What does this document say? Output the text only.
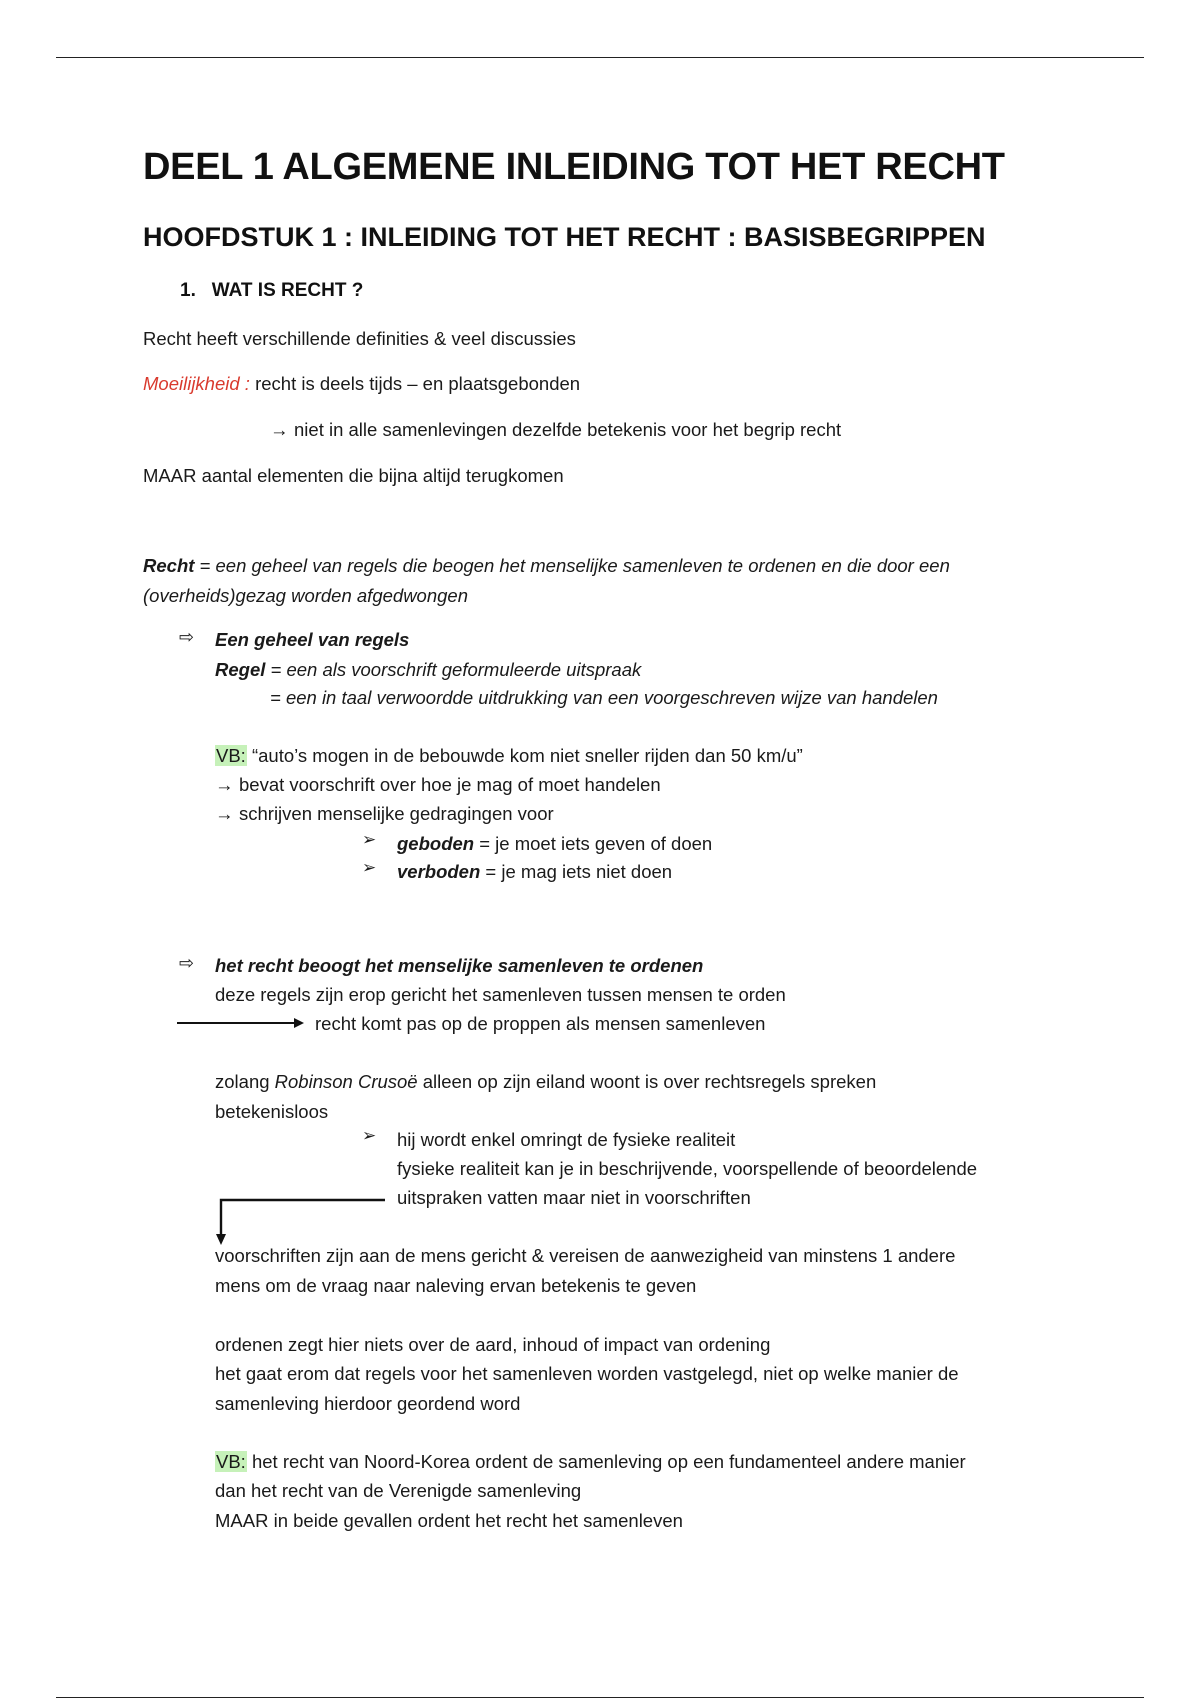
DEEL 1 ALGEMENE INLEIDING TOT HET RECHT
HOOFDSTUK 1 : INLEIDING TOT HET RECHT : BASISBEGRIPPEN
1. WAT IS RECHT ?
Recht heeft verschillende definities & veel discussies
Moeilijkheid : recht is deels tijds – en plaatsgebonden
→ niet in alle samenlevingen dezelfde betekenis voor het begrip recht
MAAR aantal elementen die bijna altijd terugkomen
Recht = een geheel van regels die beogen het menselijke samenleven te ordenen en die door een
(overheids)gezag worden afgedwongen
⇨ Een geheel van regels
Regel = een als voorschrift geformuleerde uitspraak
= een in taal verwoordde uitdrukking van een voorgeschreven wijze van handelen
VB: “auto’s mogen in de bebouwde kom niet sneller rijden dan 50 km/u”
→ bevat voorschrift over hoe je mag of moet handelen
→ schrijven menselijke gedragingen voor
➢ geboden = je moet iets geven of doen
➢ verboden = je mag iets niet doen
⇨ het recht beoogt het menselijke samenleven te ordenen
deze regels zijn erop gericht het samenleven tussen mensen te orden
recht komt pas op de proppen als mensen samenleven
zolang Robinson Crusoë alleen op zijn eiland woont is over rechtsregels spreken
betekenisloos
➢ hij wordt enkel omringt de fysieke realiteit
fysieke realiteit kan je in beschrijvende, voorspellende of beoordelende
uitspraken vatten maar niet in voorschriften
voorschriften zijn aan de mens gericht & vereisen de aanwezigheid van minstens 1 andere
mens om de vraag naar naleving ervan betekenis te geven
ordenen zegt hier niets over de aard, inhoud of impact van ordening
het gaat erom dat regels voor het samenleven worden vastgelegd, niet op welke manier de
samenleving hierdoor geordend word
VB: het recht van Noord-Korea ordent de samenleving op een fundamenteel andere manier
dan het recht van de Verenigde samenleving
MAAR in beide gevallen ordent het recht het samenleven
